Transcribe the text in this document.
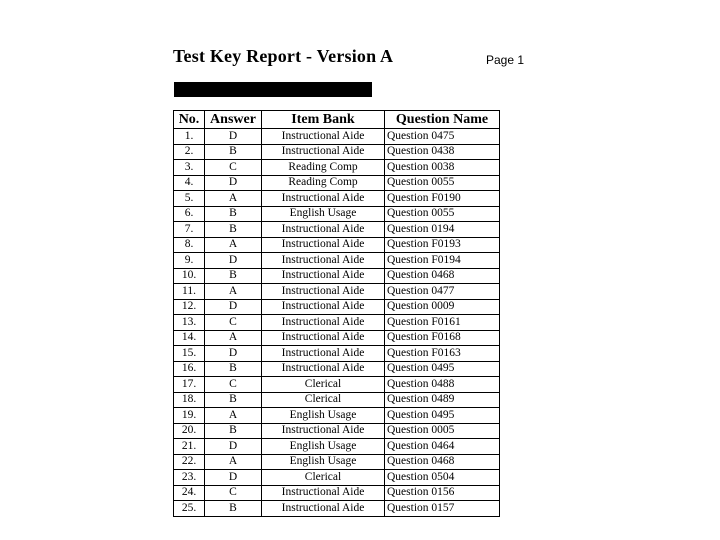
Test Key Report - Version A	Page 1
No.	Answer	Item Bank	Question Name
1.	D	Instructional Aide	Question 0475
2.	B	Instructional Aide	Question 0438
3.	C	Reading Comp	Question 0038
4.	D	Reading Comp	Question 0055
5.	A	Instructional Aide	Question F0190
6.	B	English Usage	Question 0055
7.	B	Instructional Aide	Question 0194
8.	A	Instructional Aide	Question F0193
9.	D	Instructional Aide	Question F0194
10.	B	Instructional Aide	Question 0468
11.	A	Instructional Aide	Question 0477
12.	D	Instructional Aide	Question 0009
13.	C	Instructional Aide	Question F0161
14.	A	Instructional Aide	Question F0168
15.	D	Instructional Aide	Question F0163
16.	B	Instructional Aide	Question 0495
17.	C	Clerical	Question 0488
18.	B	Clerical	Question 0489
19.	A	English Usage	Question 0495
20.	B	Instructional Aide	Question 0005
21.	D	English Usage	Question 0464
22.	A	English Usage	Question 0468
23.	D	Clerical	Question 0504
24.	C	Instructional Aide	Question 0156
25.	B	Instructional Aide	Question 0157
